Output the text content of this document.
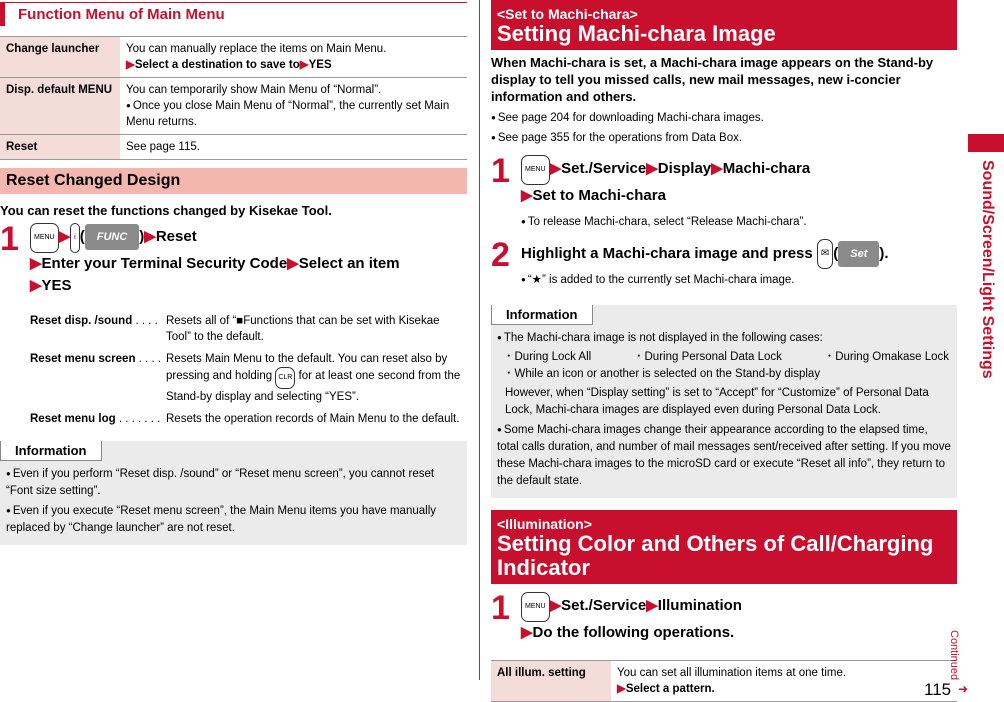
Function Menu of Main Menu
Change launcher	You can manually replace the items on Main Menu.
▶Select a destination to save to▶YES

Disp. default MENU	You can temporarily show Main Menu of “Normal”.
● Once you close Main Menu of “Normal”, the currently set Main Menu returns.

Reset	See page 115.
Reset Changed Design
You can reset the functions changed by Kisekae Tool.
1 MENU ▶ i ( FUNC )▶Reset
▶Enter your Terminal Security Code▶Select an item
▶YES
Reset disp. /sound . . . . Resets all of “■Functions that can be set with Kisekae Tool” to the default.
Reset menu screen . . . . Resets Main Menu to the default. You can reset also by pressing and holding CLR for at least one second from the Stand-by display and selecting “YES”.
Reset menu log . . . . . . . Resets the operation records of Main Menu to the default.
Information

● Even if you perform “Reset disp. /sound” or “Reset menu screen”, you cannot reset “Font size setting”.

● Even if you execute “Reset menu screen”, the Main Menu items you have manually replaced by “Change launcher” are not reset.

<Set to Machi-chara>
Setting Machi-chara Image
When Machi-chara is set, a Machi-chara image appears on the Stand-by display to tell you missed calls, new mail messages, new i-concier information and others.
● See page 204 for downloading Machi-chara images.
● See page 355 for the operations from Data Box.
1 MENU ▶Set./Service▶Display▶Machi-chara
▶Set to Machi-chara
● To release Machi-chara, select “Release Machi-chara”.
2 Highlight a Machi-chara image and press ✉ ( Set ).
● “★” is added to the currently set Machi-chara image.
Information

● The Machi-chara image is not displayed in the following cases:

・During Lock All	・During Personal Data Lock	・During Omakase Lock

・While an icon or another is selected on the Stand-by display

However, when “Display setting” is set to “Accept” for “Customize” of Personal Data Lock, Machi-chara images are displayed even during Personal Data Lock.

● Some Machi-chara images change their appearance according to the elapsed time, total calls duration, and number of mail messages sent/received after setting. If you move these Machi-chara images to the microSD card or execute “Reset all info”, they return to the default state.

<Illumination>
Setting Color and Others of Call/Charging Indicator
1 MENU ▶Set./Service▶Illumination
▶Do the following operations.
All illum. setting	You can set all illumination items at one time.
▶Select a pattern.
Sound/Screen/Light Settings
Continued
115 ➜
